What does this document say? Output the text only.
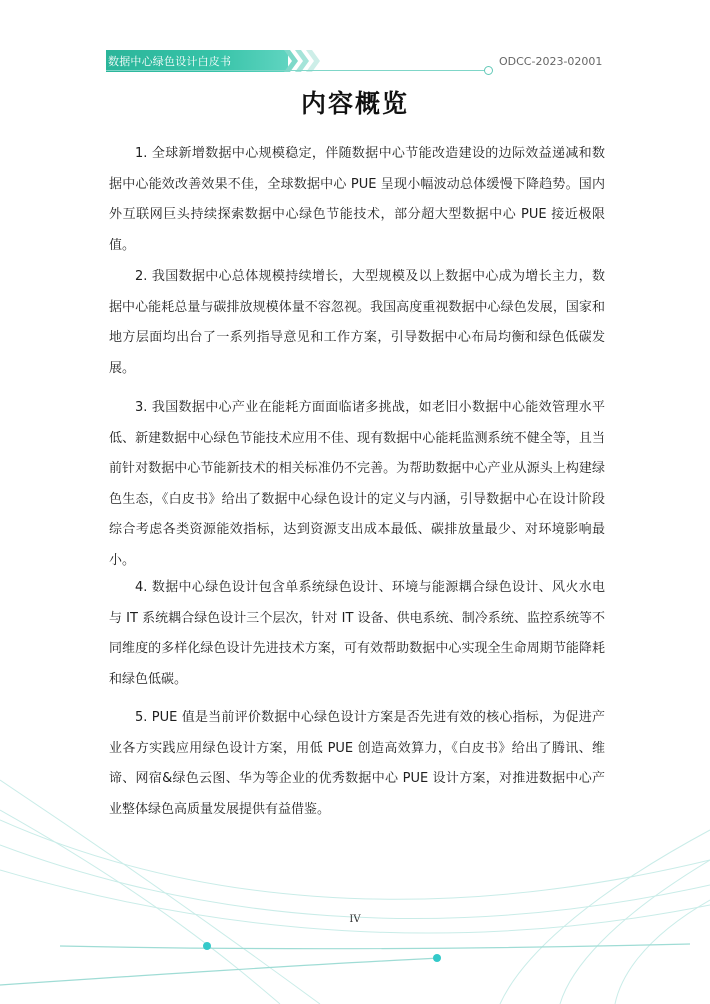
数据中心绿色设计白皮书	ODCC-2023-02001
内容概览

1. 全球新增数据中心规模稳定，伴随数据中心节能改造建设的边际效益递减和数据中心能效改善效果不佳，全球数据中心 PUE 呈现小幅波动总体缓慢下降趋势。国内外互联网巨头持续探索数据中心绿色节能技术，部分超大型数据中心 PUE 接近极限值。

2. 我国数据中心总体规模持续增长，大型规模及以上数据中心成为增长主力，数据中心能耗总量与碳排放规模体量不容忽视。我国高度重视数据中心绿色发展，国家和地方层面均出台了一系列指导意见和工作方案，引导数据中心布局均衡和绿色低碳发展。

3. 我国数据中心产业在能耗方面面临诸多挑战，如老旧小数据中心能效管理水平低、新建数据中心绿色节能技术应用不佳、现有数据中心能耗监测系统不健全等，且当前针对数据中心节能新技术的相关标准仍不完善。为帮助数据中心产业从源头上构建绿色生态，《白皮书》给出了数据中心绿色设计的定义与内涵，引导数据中心在设计阶段综合考虑各类资源能效指标，达到资源支出成本最低、碳排放量最少、对环境影响最小。

4. 数据中心绿色设计包含单系统绿色设计、环境与能源耦合绿色设计、风火水电与 IT 系统耦合绿色设计三个层次，针对 IT 设备、供电系统、制冷系统、监控系统等不同维度的多样化绿色设计先进技术方案，可有效帮助数据中心实现全生命周期节能降耗和绿色低碳。

5. PUE 值是当前评价数据中心绿色设计方案是否先进有效的核心指标，为促进产业各方实践应用绿色设计方案，用低 PUE 创造高效算力，《白皮书》给出了腾讯、维谛、网宿&绿色云图、华为等企业的优秀数据中心 PUE 设计方案，对推进数据中心产业整体绿色高质量发展提供有益借鉴。

IV
